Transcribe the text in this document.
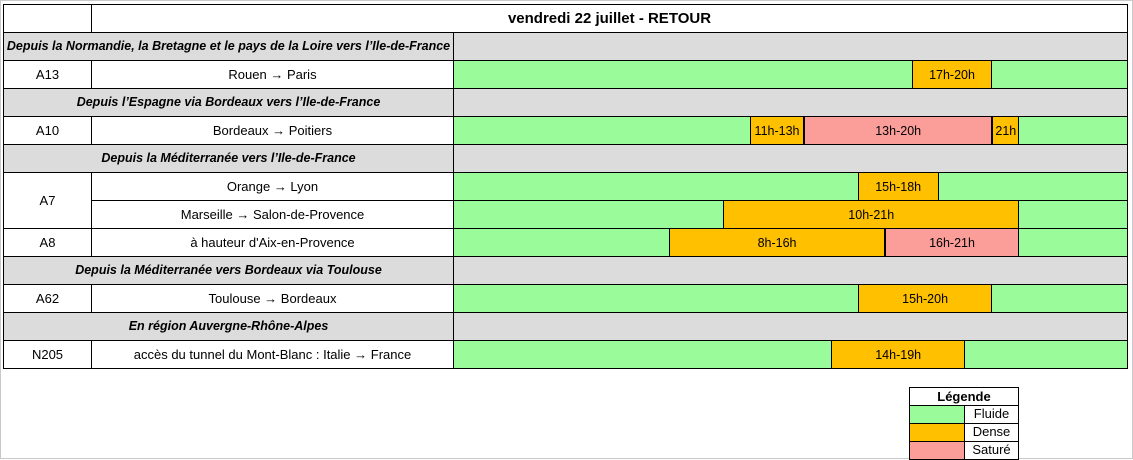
	vendredi 22 juillet - RETOUR	
Depuis la Normandie, la Bretagne et le pays de la Loire vers l’Ile-de-France		
A13	Rouen → Paris	17h-20h

Depuis l’Espagne via Bordeaux vers l’Ile-de-France		
A10	Bordeaux → Poitiers	11h-13h 13h-20h 21h

Depuis la Méditerranée vers l’Ile-de-France		
A7	Orange → Lyon	15h-18h

	Marseille → Salon-de-Provence	10h-21h

A8	à hauteur d'Aix-en-Provence	8h-16h 16h-21h

Depuis la Méditerranée vers Bordeaux via Toulouse		
A62	Toulouse → Bordeaux	15h-20h

En région Auvergne-Rhône-Alpes		
N205	accès du tunnel du Mont-Blanc : Italie → France	14h-19h
Légende
Fluide
Dense
Saturé
